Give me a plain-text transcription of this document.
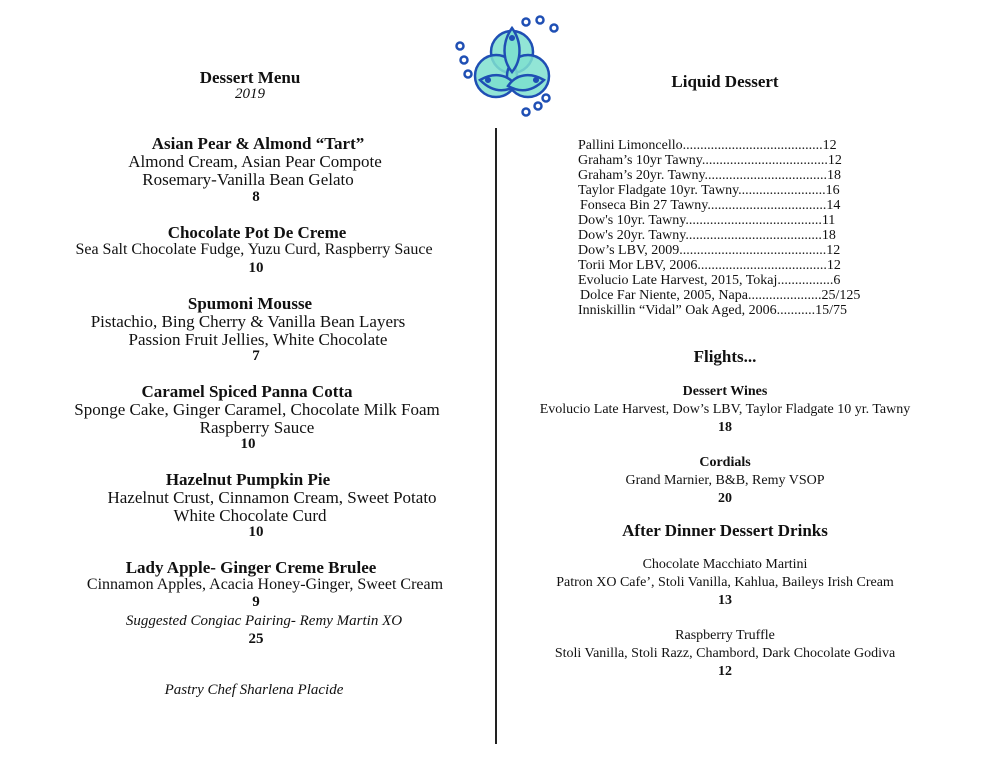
Dessert Menu
2019
Asian Pear & Almond “Tart”
Almond Cream, Asian Pear Compote
Rosemary-Vanilla Bean Gelato
8
Chocolate Pot De Creme
Sea Salt Chocolate Fudge, Yuzu Curd, Raspberry Sauce
10
Spumoni Mousse
Pistachio, Bing Cherry & Vanilla Bean Layers
Passion Fruit Jellies, White Chocolate
7
Caramel Spiced Panna Cotta
Sponge Cake, Ginger Caramel, Chocolate Milk Foam
Raspberry Sauce
10
Hazelnut Pumpkin Pie
Hazelnut Crust, Cinnamon Cream, Sweet Potato
White Chocolate Curd
10
Lady Apple- Ginger Creme Brulee
Cinnamon Apples, Acacia Honey-Ginger, Sweet Cream
9
Suggested Congiac Pairing- Remy Martin XO
25
Pastry Chef Sharlena Placide
Liquid Dessert
Pallini Limoncello........................................12
Graham’s 10yr Tawny....................................12
Graham’s 20yr. Tawny...................................18
Taylor Fladgate 10yr. Tawny.........................16
Fonseca Bin 27 Tawny..................................14
Dow's 10yr. Tawny.......................................11
Dow's 20yr. Tawny.......................................18
Dow’s LBV, 2009..........................................12
Torii Mor LBV, 2006.....................................12
Evolucio Late Harvest, 2015, Tokaj................6
Dolce Far Niente, 2005, Napa.....................25/125
Inniskillin “Vidal” Oak Aged, 2006...........15/75
Flights...
Dessert Wines
Evolucio Late Harvest, Dow’s LBV, Taylor Fladgate 10 yr. Tawny
18
Cordials
Grand Marnier, B&B, Remy VSOP
20
After Dinner Dessert Drinks
Chocolate Macchiato Martini
Patron XO Cafe’, Stoli Vanilla, Kahlua, Baileys Irish Cream
13
Raspberry Truffle
Stoli Vanilla, Stoli Razz, Chambord, Dark Chocolate Godiva
12
